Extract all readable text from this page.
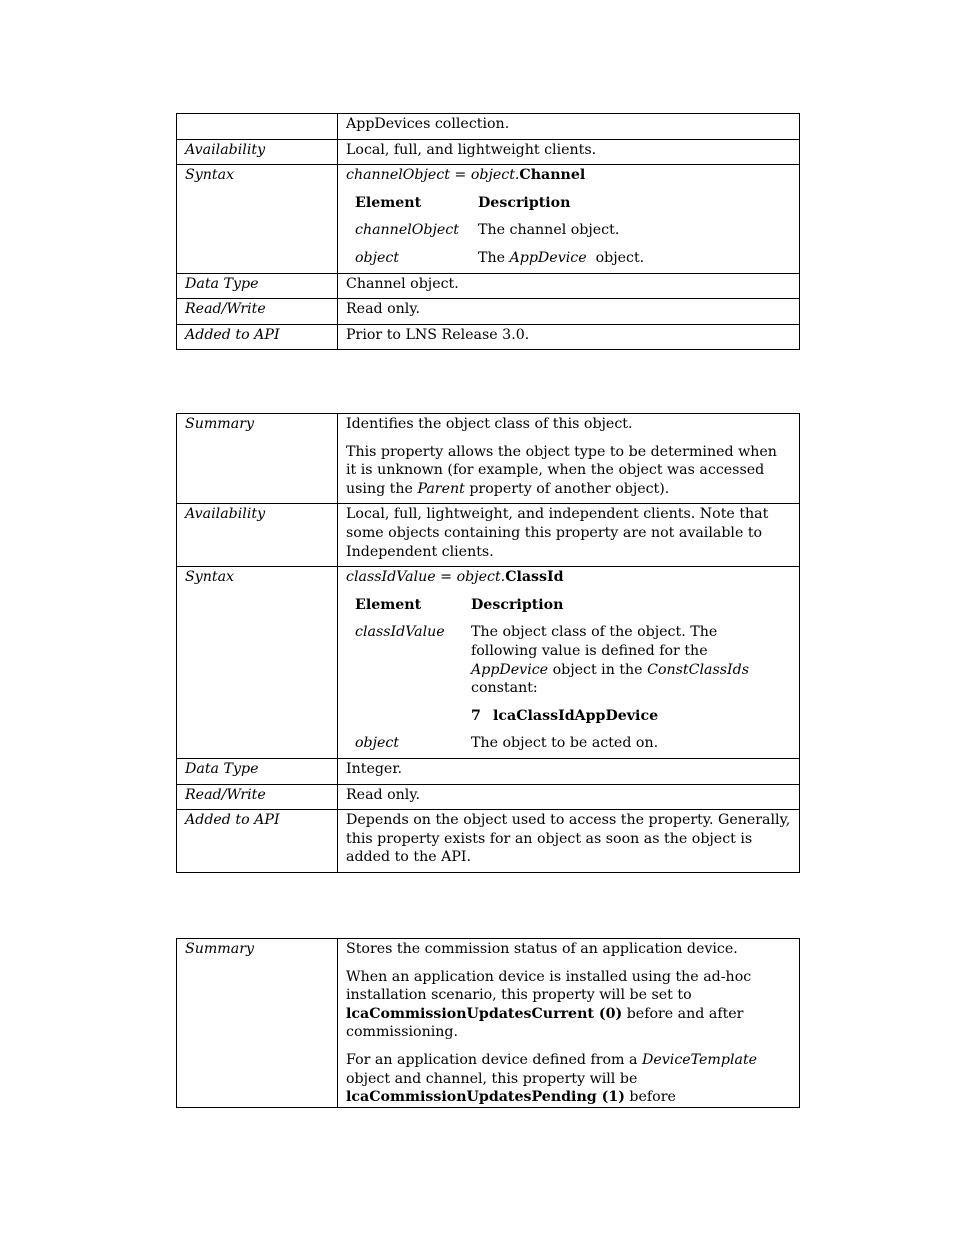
	AppDevices collection.
Availability	Local, full, and lightweight clients.
Syntax	channelObject = object.Channel
Element	Description
channelObject	The channel object.
object	The AppDevice  object.

Data Type	Channel object.
Read/Write	Read only.
Added to API	Prior to LNS Release 3.0.
Summary	Identifies the object class of this object.
This property allows the object type to be determined when it is unknown (for example, when the object was accessed using the Parent property of another object).

Availability	Local, full, lightweight, and independent clients. Note that some objects containing this property are not available to Independent clients.
Syntax	classIdValue = object.ClassId
Element	Description
classIdValue	The object class of the object. The following value is defined for the AppDevice object in the ConstClassIds constant:
7 lcaClassIdAppDevice

object	The object to be acted on.

Data Type	Integer.
Read/Write	Read only.
Added to API	Depends on the object used to access the property. Generally, this property exists for an object as soon as the object is added to the API.
Summary	Stores the commission status of an application device.
When an application device is installed using the ad-hoc installation scenario, this property will be set to lcaCommissionUpdatesCurrent (0) before and after commissioning.
For an application device defined from a DeviceTemplate object and channel, this property will be lcaCommissionUpdatesPending (1) before
